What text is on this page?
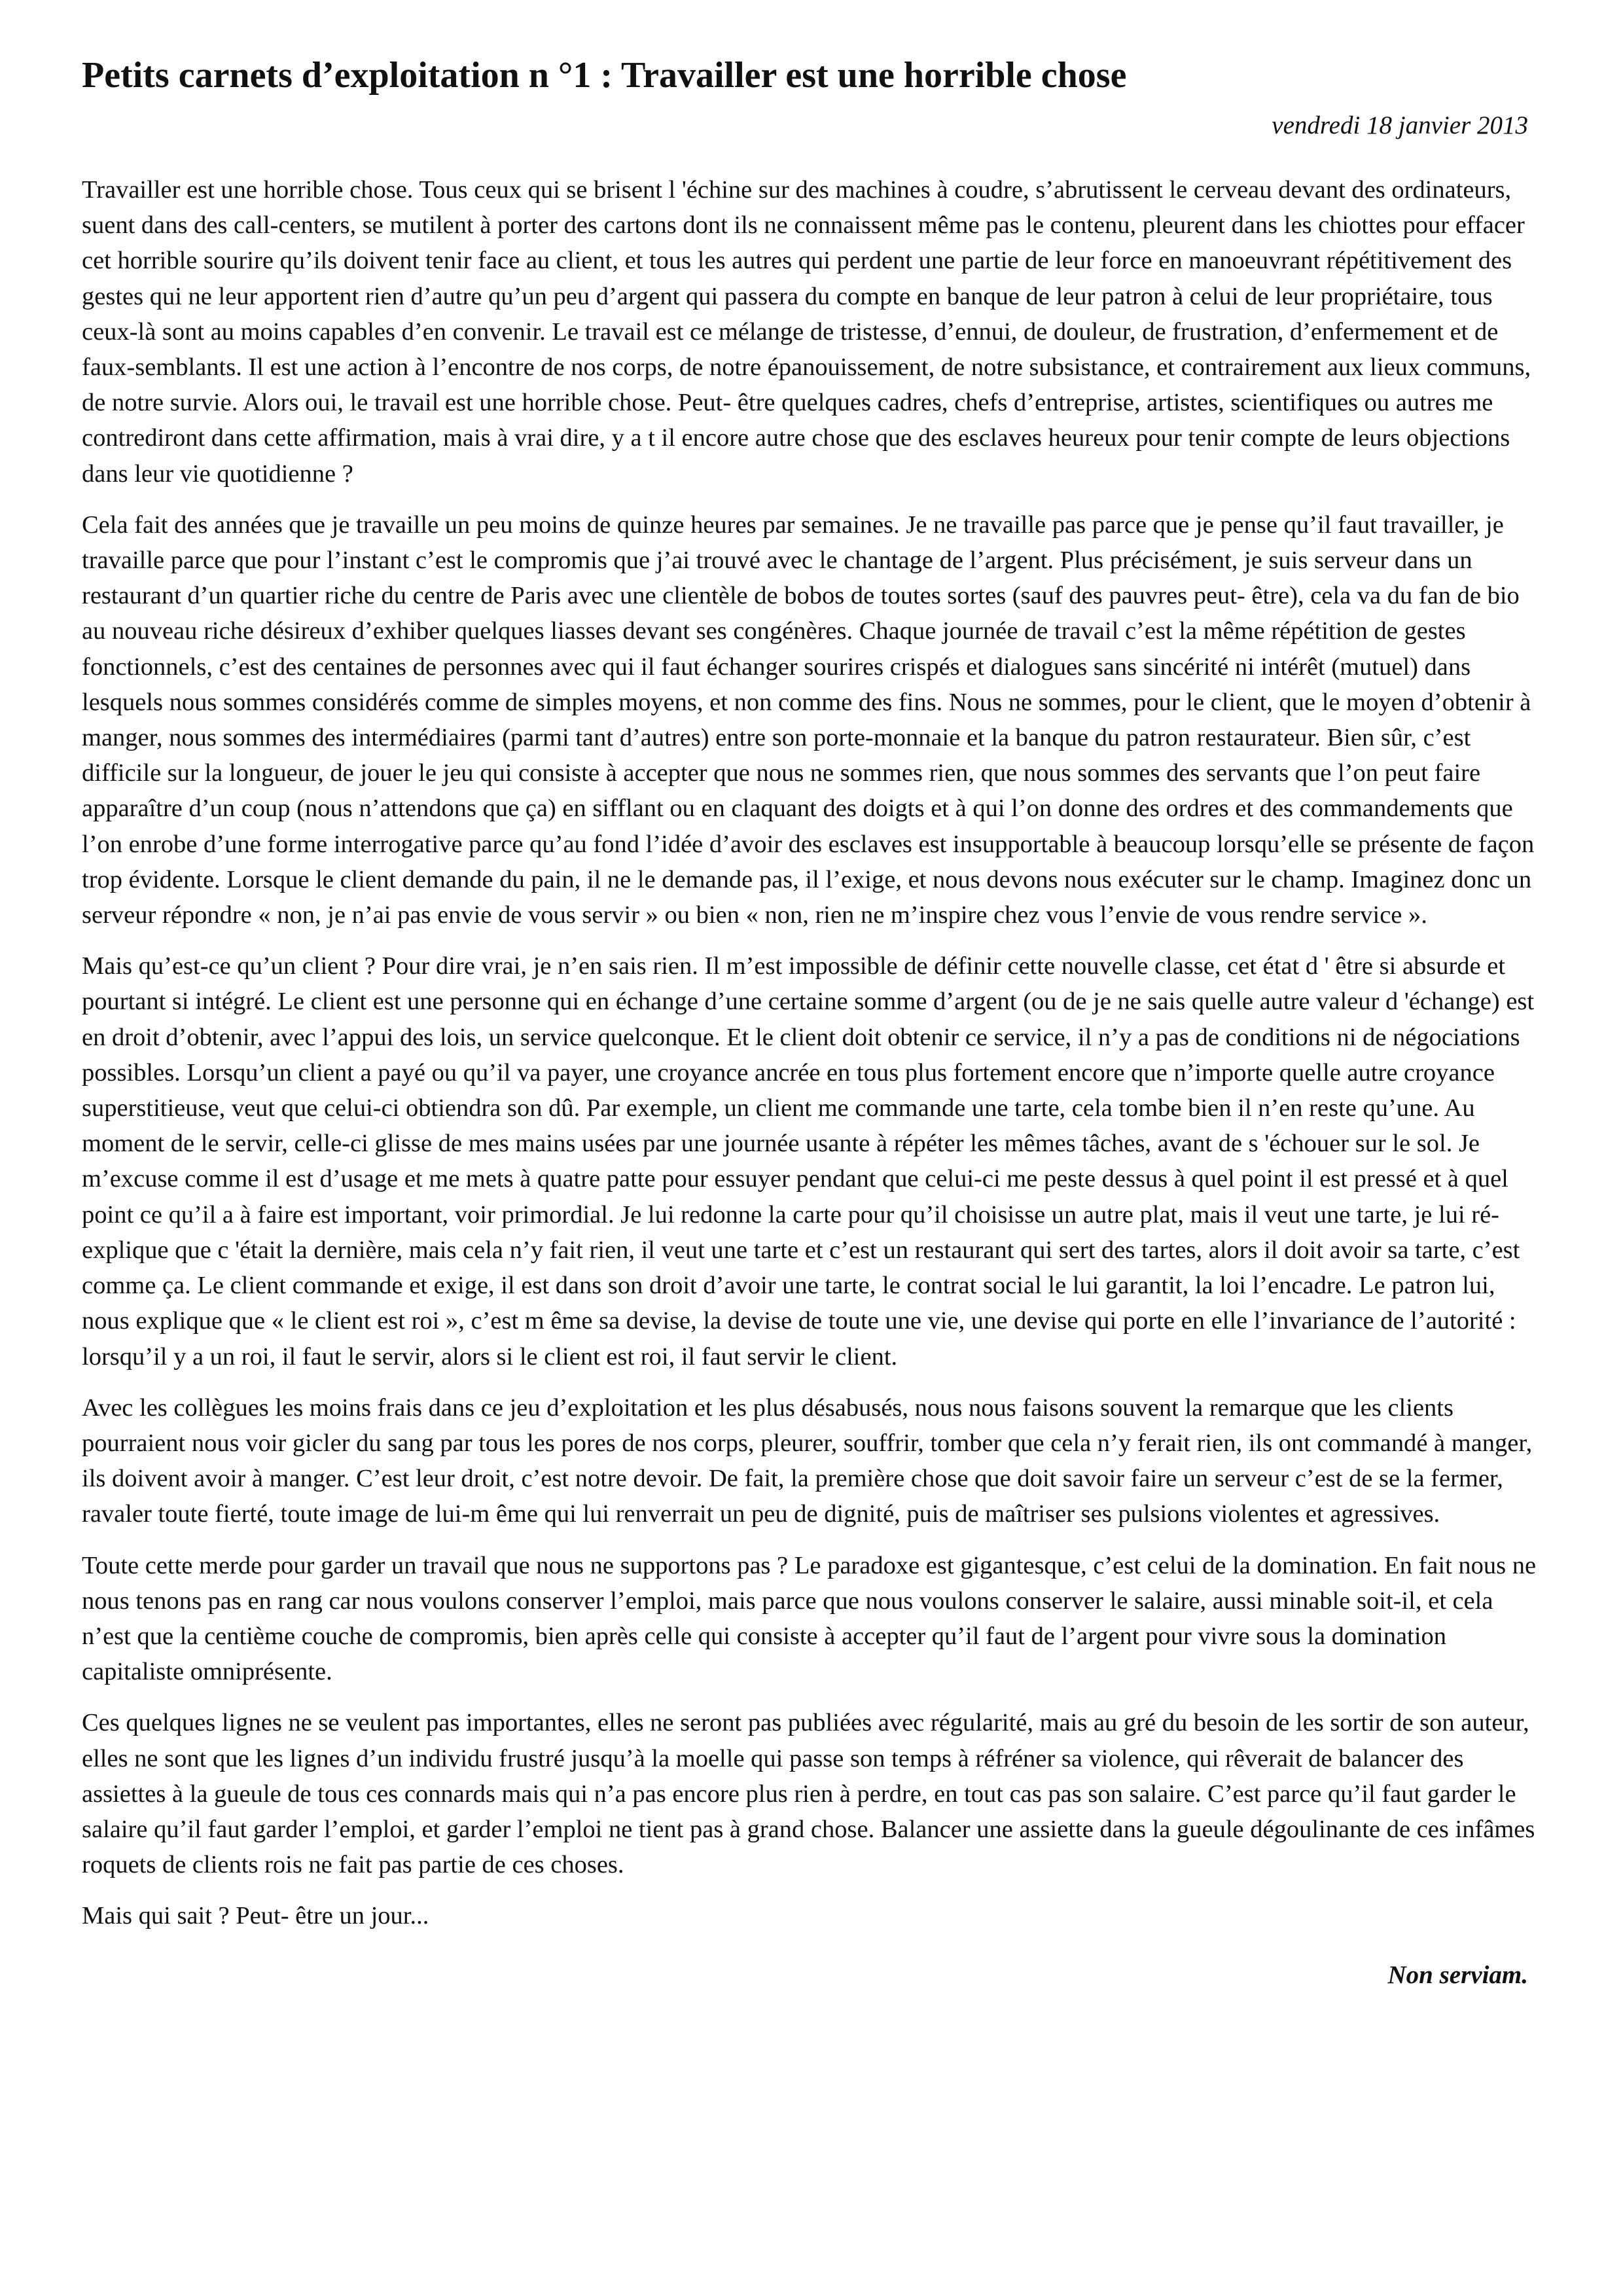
Petits carnets d’exploitation n °1 : Travailler est une horrible chose
vendredi 18 janvier 2013

Travailler est une horrible chose. Tous ceux qui se brisent l 'échine sur des machines à coudre, s’abrutissent le cerveau devant des ordinateurs, suent dans des call-centers, se mutilent à porter des cartons dont ils ne connaissent même pas le contenu, pleurent dans les chiottes pour effacer cet horrible sourire qu’ils doivent tenir face au client, et tous les autres qui perdent une partie de leur force en manoeuvrant répétitivement des gestes qui ne leur apportent rien d’autre qu’un peu d’argent qui passera du compte en banque de leur patron à celui de leur propriétaire, tous ceux-là sont au moins capables d’en convenir. Le travail est ce mélange de tristesse, d’ennui, de douleur, de frustration, d’enfermement et de faux-semblants. Il est une action à l’encontre de nos corps, de notre épanouissement, de notre subsistance, et contrairement aux lieux communs, de notre survie. Alors oui, le travail est une horrible chose. Peut- être quelques cadres, chefs d’entreprise, artistes, scientifiques ou autres me contrediront dans cette affirmation, mais à vrai dire, y a t il encore autre chose que des esclaves heureux pour tenir compte de leurs objections dans leur vie quotidienne ?

Cela fait des années que je travaille un peu moins de quinze heures par semaines. Je ne travaille pas parce que je pense qu’il faut travailler, je travaille parce que pour l’instant c’est le compromis que j’ai trouvé avec le chantage de l’argent. Plus précisément, je suis serveur dans un restaurant d’un quartier riche du centre de Paris avec une clientèle de bobos de toutes sortes (sauf des pauvres peut- être), cela va du fan de bio au nouveau riche désireux d’exhiber quelques liasses devant ses congénères. Chaque journée de travail c’est la même répétition de gestes fonctionnels, c’est des centaines de personnes avec qui il faut échanger sourires crispés et dialogues sans sincérité ni intérêt (mutuel) dans lesquels nous sommes considérés comme de simples moyens, et non comme des fins. Nous ne sommes, pour le client, que le moyen d’obtenir à manger, nous sommes des intermédiaires (parmi tant d’autres) entre son porte-monnaie et la banque du patron restaurateur. Bien sûr, c’est difficile sur la longueur, de jouer le jeu qui consiste à accepter que nous ne sommes rien, que nous sommes des servants que l’on peut faire apparaître d’un coup (nous n’attendons que ça) en sifflant ou en claquant des doigts et à qui l’on donne des ordres et des commandements que l’on enrobe d’une forme interrogative parce qu’au fond l’idée d’avoir des esclaves est insupportable à beaucoup lorsqu’elle se présente de façon trop évidente. Lorsque le client demande du pain, il ne le demande pas, il l’exige, et nous devons nous exécuter sur le champ. Imaginez donc un serveur répondre « non, je n’ai pas envie de vous servir » ou bien « non, rien ne m’inspire chez vous l’envie de vous rendre service ».

Mais qu’est-ce qu’un client ? Pour dire vrai, je n’en sais rien. Il m’est impossible de définir cette nouvelle classe, cet état d ' être si absurde et pourtant si intégré. Le client est une personne qui en échange d’une certaine somme d’argent (ou de je ne sais quelle autre valeur d 'échange) est en droit d’obtenir, avec l’appui des lois, un service quelconque. Et le client doit obtenir ce service, il n’y a pas de conditions ni de négociations possibles. Lorsqu’un client a payé ou qu’il va payer, une croyance ancrée en tous plus fortement encore que n’importe quelle autre croyance superstitieuse, veut que celui-ci obtiendra son dû. Par exemple, un client me commande une tarte, cela tombe bien il n’en reste qu’une. Au moment de le servir, celle-ci glisse de mes mains usées par une journée usante à répéter les mêmes tâches, avant de s 'échouer sur le sol. Je m’excuse comme il est d’usage et me mets à quatre patte pour essuyer pendant que celui-ci me peste dessus à quel point il est pressé et à quel point ce qu’il a à faire est important, voir primordial. Je lui redonne la carte pour qu’il choisisse un autre plat, mais il veut une tarte, je lui ré-explique que c 'était la dernière, mais cela n’y fait rien, il veut une tarte et c’est un restaurant qui sert des tartes, alors il doit avoir sa tarte, c’est comme ça. Le client commande et exige, il est dans son droit d’avoir une tarte, le contrat social le lui garantit, la loi l’encadre. Le patron lui, nous explique que « le client est roi », c’est m ême sa devise, la devise de toute une vie, une devise qui porte en elle l’invariance de l’autorité : lorsqu’il y a un roi, il faut le servir, alors si le client est roi, il faut servir le client.

Avec les collègues les moins frais dans ce jeu d’exploitation et les plus désabusés, nous nous faisons souvent la remarque que les clients pourraient nous voir gicler du sang par tous les pores de nos corps, pleurer, souffrir, tomber que cela n’y ferait rien, ils ont commandé à manger, ils doivent avoir à manger. C’est leur droit, c’est notre devoir. De fait, la première chose que doit savoir faire un serveur c’est de se la fermer, ravaler toute fierté, toute image de lui-m ême qui lui renverrait un peu de dignité, puis de maîtriser ses pulsions violentes et agressives.

Toute cette merde pour garder un travail que nous ne supportons pas ? Le paradoxe est gigantesque, c’est celui de la domination. En fait nous ne nous tenons pas en rang car nous voulons conserver l’emploi, mais parce que nous voulons conserver le salaire, aussi minable soit-il, et cela n’est que la centième couche de compromis, bien après celle qui consiste à accepter qu’il faut de l’argent pour vivre sous la domination capitaliste omniprésente.

Ces quelques lignes ne se veulent pas importantes, elles ne seront pas publiées avec régularité, mais au gré du besoin de les sortir de son auteur, elles ne sont que les lignes d’un individu frustré jusqu’à la moelle qui passe son temps à réfréner sa violence, qui rêverait de balancer des assiettes à la gueule de tous ces connards mais qui n’a pas encore plus rien à perdre, en tout cas pas son salaire. C’est parce qu’il faut garder le salaire qu’il faut garder l’emploi, et garder l’emploi ne tient pas à grand chose. Balancer une assiette dans la gueule dégoulinante de ces infâmes roquets de clients rois ne fait pas partie de ces choses.

Mais qui sait ? Peut- être un jour...

Non serviam.
